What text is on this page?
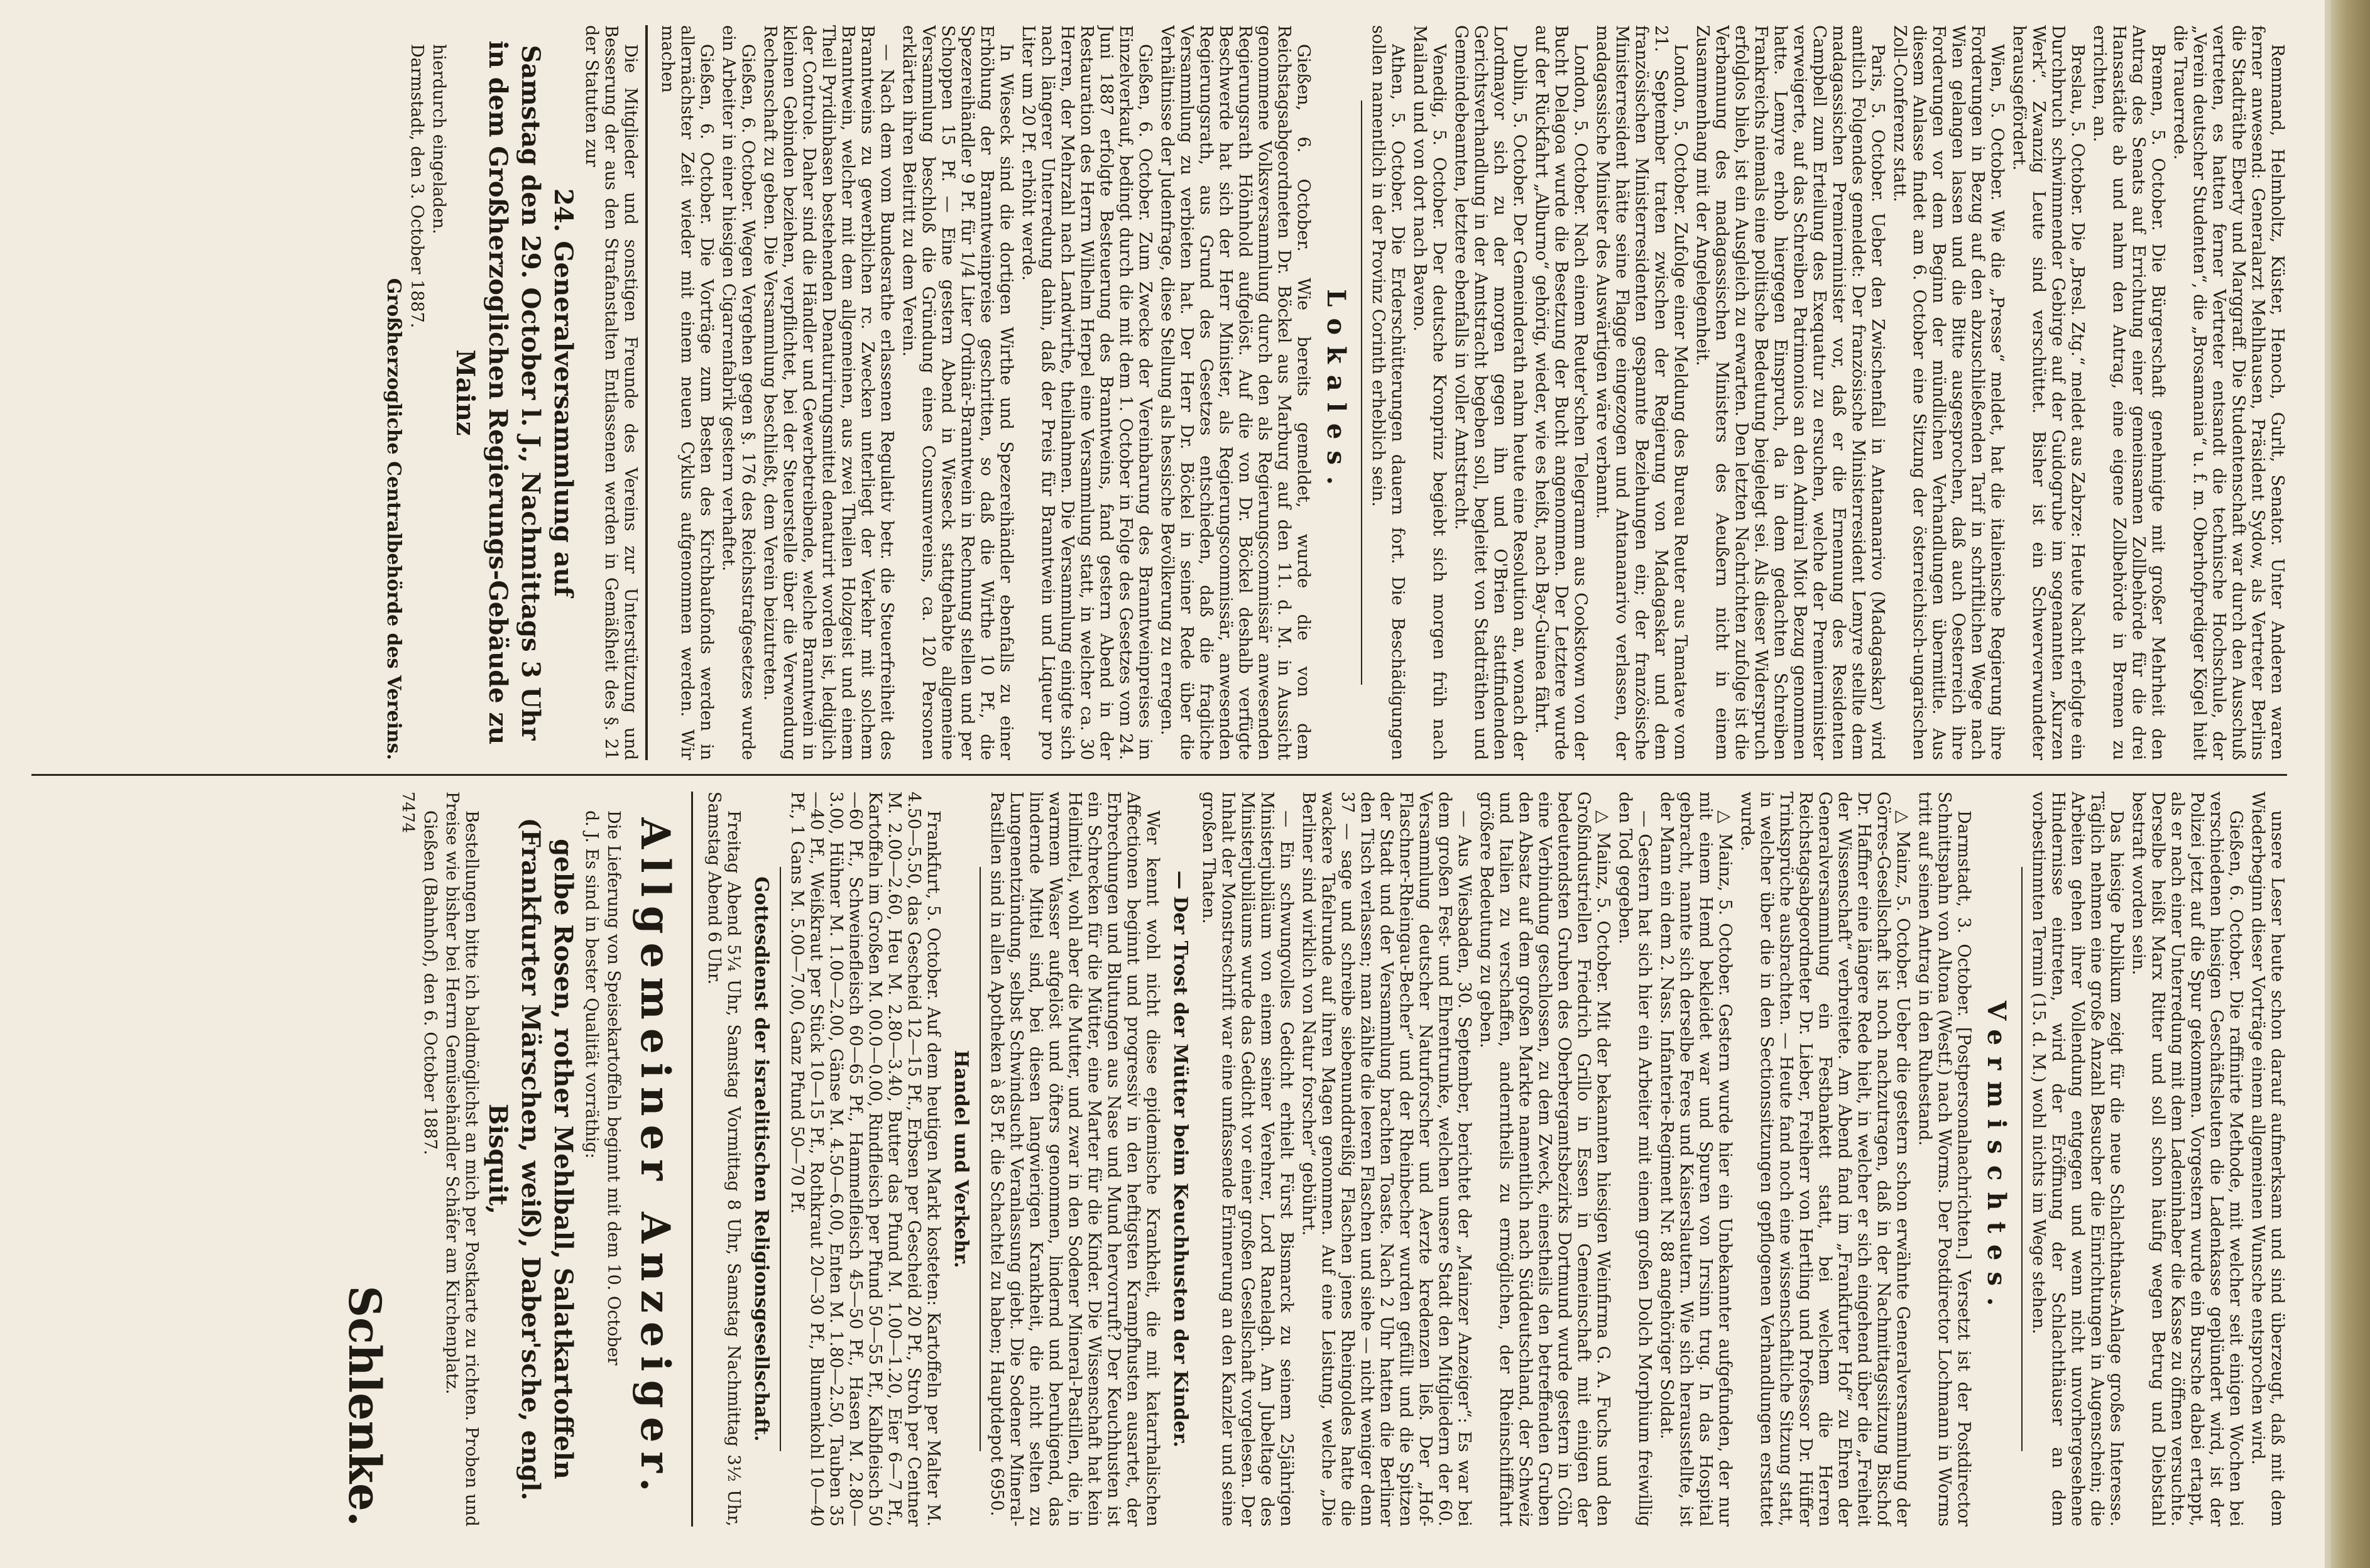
Remmand, Helmholtz, Küster, Henoch, Gurlt, Senator. Unter Anderen waren ferner anwesend: Generalarzt Mehlhausen, Präsident Sydow, als Vertreter Berlins die Stadträthe Eberty und Marggraff. Die Studentenschaft war durch den Ausschuß vertreten, es hatten ferner Vertreter entsandt die technische Hochschule, der „Verein deutscher Studenten“, die „Brosamania“ u. f. m. Oberhofprediger Kögel hielt die Trauerrede.

Bremen, 5. October. Die Bürgerschaft genehmigte mit großer Mehrheit den Antrag des Senats auf Errichtung einer gemeinsamen Zollbehörde für die drei Hansastädte ab und nahm den Antrag, eine eigene Zollbehörde in Bremen zu errichten, an.

Breslau, 5. October. Die „Bresl. Ztg.“ meldet aus Zabrze: Heute Nacht erfolgte ein Durchbruch schwimmender Gebirge auf der Guidogrube im sogenannten „Kurzen Werk“. Zwanzig Leute sind verschüttet. Bisher ist ein Schwerverwundeter herausgefördert.

Wien, 5. October. Wie die „Presse“ meldet, hat die italienische Regierung ihre Forderungen in Bezug auf den abzuschließenden Tarif in schriftlichen Wege nach Wien gelangen lassen und die Bitte ausgesprochen, daß auch Oesterreich ihre Forderungen vor dem Beginn der mündlichen Verhandlungen übermittle. Aus diesem Anlasse findet am 6. October eine Sitzung der österreichisch-ungarischen Zoll-Conferenz statt.

Paris, 5. October. Ueber den Zwischenfall in Antananarivo (Madagaskar) wird amtlich Folgendes gemeldet: Der französische Ministerresident Lemyre stellte dem madagassischen Premierminister vor, daß er die Ernennung des Residenten Campbell zum Erteilung des Exequatur zu ersuchen, welche der Premierminister verweigerte, auf das Schreiben Patrimonios an den Admiral Miot Bezug genommen hatte. Lemyre erhob hiergegen Einspruch, da in dem gedachten Schreiben Frankreichs niemals eine politische Bedeutung beigelegt sei. Als dieser Widerspruch erfolglos blieb, ist ein Ausgleich zu erwarten. Den letzten Nachrichten zufolge ist die Verbannung des madagassischen Ministers des Aeußern nicht in einem Zusammenhang mit der Angelegenheit.

London, 5. October. Zufolge einer Meldung des Bureau Reuter aus Tamatave vom 21. September traten zwischen der Regierung von Madagaskar und dem französischen Ministerresidenten gespannte Beziehungen ein; der französische Ministerresident hätte seine Flagge eingezogen und Antananarivo verlassen, der madagassische Minister des Auswärtigen wäre verbannt.

London, 5. October. Nach einem Reuter'schen Telegramm aus Cookstown von der Bucht Delagoa wurde die Besetzung der Bucht angenommen. Der Letztere wurde auf der Rückfahrt „Alburno“ gehörig, wieder, wie es heißt, nach Bay-Guinea fährt.

Dublin, 5. October. Der Gemeinderath nahm heute eine Resolution an, wonach der Lordmayor sich zu der morgen gegen ihn und O'Brien stattfindenden Gerichtsverhandlung in der Amtstracht begeben soll, begleitet von Stadträthen und Gemeindebeamten, letztere ebenfalls in voller Amtstracht.

Venedig, 5. October. Der deutsche Kronprinz begiebt sich morgen früh nach Mailand und von dort nach Baveno.

Athen, 5. October. Die Erderschütterungen dauern fort. Die Beschädigungen sollen namentlich in der Provinz Corinth erheblich sein.

Lokales.

Gießen, 6. October. Wie bereits gemeldet, wurde die von dem Reichstagsabgeordneten Dr. Böckel aus Marburg auf den 11. d. M. in Aussicht genommene Volksversammlung durch den als Regierungscommissär anwesenden Regierungsrath Höhnhold aufgelöst. Auf die von Dr. Böckel deshalb verfügte Beschwerde hat sich der Herr Minister, als Regierungscommissär, anwesenden Regierungsrath, aus Grund des Gesetzes entschieden, daß die fragliche Versammlung zu verbieten hat. Der Herr Dr. Böckel in seiner Rede über die Verhältnisse der Judenfrage, diese Stellung als hessische Bevölkerung zu erregen.

Gießen, 6. October. Zum Zwecke der Vereinbarung des Branntweinpreises im Einzelverkauf, bedingt durch die mit dem 1. October in Folge des Gesetzes vom 24. Juni 1887 erfolgte Besteuerung des Branntweins, fand gestern Abend in der Restauration des Herrn Wilhelm Herpel eine Versammlung statt, in welcher ca. 30 Herren, der Mehrzahl nach Landwirthe, theilnahmen. Die Versammlung einigte sich nach längerer Unterredung dahin, daß der Preis für Branntwein und Liqueur pro Liter um 20 Pf. erhöht werde.

In Wieseck sind die dortigen Wirthe und Spezereihändler ebenfalls zu einer Erhöhung der Branntweinpreise geschritten, so daß die Wirthe 10 Pf., die Spezereihändler 9 Pf. für 1/4 Liter Ordinär-Branntwein in Rechnung stellen und per Schoppen 15 Pf. — Eine gestern Abend in Wieseck stattgehabte allgemeine Versammlung beschloß die Gründung eines Consumvereins, ca. 120 Personen erklärten ihren Beitritt zu dem Verein.

— Nach dem vom Bundesrathe erlassenen Regulativ betr. die Steuerfreiheit des Branntweins zu gewerblichen rc. Zwecken unterliegt der Verkehr mit solchem Branntwein, welcher mit dem allgemeinen, aus zwei Theilen Holzgeist und einem Theil Pyridinbasen bestehenden Denaturirungsmittel denaturirt worden ist, lediglich der Controle. Daher sind die Händler und Gewerbetreibende, welche Branntwein in kleinen Gebinden beziehen, verpflichtet, bei der Steuerstelle über die Verwendung Rechenschaft zu geben. Die Versammlung beschließt, dem Verein beizutreten.

Gießen, 6. October. Wegen Vergehen gegen §. 176 des Reichsstrafgesetzes wurde ein Arbeiter in einer hiesigen Cigarrenfabrik gestern verhaftet.

Gießen, 6. October. Die Vorträge zum Besten des Kirchbaufonds werden in allernächster Zeit wieder mit einem neuen Cyklus aufgenommen werden. Wir machen

Die Mitglieder und sonstigen Freunde des Vereins zur Unterstützung und Besserung der aus den Strafanstalten Entlassenen werden in Gemäßheit des §. 21 der Statuten zur

24. Generalversammlung auf
Samstag den 29. October l. J., Nachmittags 3 Uhr
in dem Großherzoglichen Regierungs-Gebäude zu Mainz

hierdurch eingeladen.

Darmstadt, den 3. October 1887.

Großherzogliche Centralbehörde des Vereins.

unsere Leser heute schon darauf aufmerksam und sind überzeugt, daß mit dem Wiederbeginn dieser Vorträge einem allgemeinen Wunsche entsprochen wird.

Gießen, 6. October. Die raffinirte Methode, mit welcher seit einigen Wochen bei verschiedenen hiesigen Geschäftsleuten die Ladenkasse geplündert wird, ist der Polizei jetzt auf die Spur gekommen. Vorgestern wurde ein Bursche dabei ertappt, als er nach einer Unterredung mit dem Ladeninhaber die Kasse zu öffnen versuchte. Derselbe heißt Marx Ritter und soll schon häufig wegen Betrug und Diebstahl bestraft worden sein.

Das hiesige Publikum zeigt für die neue Schlachthaus-Anlage großes Interesse. Täglich nehmen eine große Anzahl Besucher die Einrichtungen in Augenschein; die Arbeiten gehen ihrer Vollendung entgegen und wenn nicht unvorhergesehene Hindernisse eintreten, wird der Eröffnung der Schlachthäuser an dem vorbestimmten Termin (15. d. M.) wohl nichts im Wege stehen.

Vermischtes.

Darmstadt, 3. October. [Postpersonalnachrichten.] Versetzt ist der Postdirector Schnittspahn von Altona (Westf.) nach Worms. Der Postdirector Lochmann in Worms tritt auf seinen Antrag in den Ruhestand.

△ Mainz, 5. October. Ueber die gestern schon erwähnte Generalversammlung der Görres-Gesellschaft ist noch nachzutragen, daß in der Nachmittagssitzung Bischof Dr. Haffner eine längere Rede hielt, in welcher er sich eingehend über die „Freiheit der Wissenschaft“ verbreitete. Am Abend fand im „Frankfurter Hof“ zu Ehren der Generalversammlung ein Festbankett statt, bei welchem die Herren Reichstagsabgeordneter Dr. Lieber, Freiherr von Hertling und Professor Dr. Hüffer Trinksprüche ausbrachten. — Heute fand noch eine wissenschaftliche Sitzung statt, in welcher über die in den Sectionssitzungen gepflogenen Verhandlungen erstattet wurde.

△ Mainz, 5. October. Gestern wurde hier ein Unbekannter aufgefunden, der nur mit einem Hemd bekleidet war und Spuren von Irrsinn trug. In das Hospital gebracht, nannte sich derselbe Feres und Kaiserslautern. Wie sich herausstellte, ist der Mann ein dem 2. Nass. Infanterie-Regiment Nr. 88 angehöriger Soldat.

— Gestern hat sich hier ein Arbeiter mit einem großen Dolch Morphium freiwillig den Tod gegeben.

△ Mainz, 5. October. Mit der bekannten hiesigen Weinfirma G. A. Fuchs und den Großindustriellen Friedrich Grillo in Essen in Gemeinschaft mit einigen der bedeutendsten Gruben des Oberbergamtsbezirks Dortmund wurde gestern in Cöln eine Verbindung geschlossen, zu dem Zweck, einestheils den betreffenden Gruben den Absatz auf dem großen Markte namentlich nach Süddeutschland, der Schweiz und Italien zu verschaffen, anderntheils zu ermöglichen, der Rheinschifffahrt größere Bedeutung zu geben.

— Aus Wiesbaden, 30. September, berichtet der „Mainzer Anzeiger“: Es war bei dem großen Fest- und Ehrentrunke, welchen unsere Stadt den Mitgliedern der 60. Versammlung deutscher Naturforscher und Aerzte kredenzen ließ. Der „Hof-Flaschner-Rheingau-Becher“ und der Rheinbecher wurden gefüllt und die Spitzen der Stadt und der Versammlung brachten Toaste. Nach 2 Uhr hatten die Berliner den Tisch verlassen; man zählte die leeren Flaschen und siehe — nicht weniger denn 37 — sage und schreibe siebenunddreißig Flaschen jenes Rheingoldes hatte die wackere Tafelrunde auf ihren Magen genommen. Auf eine Leistung, welche „Die Berliner sind wirklich von Natur forscher“ gebührt.

— Ein schwungvolles Gedicht erhielt Fürst Bismarck zu seinem 25jährigen Ministerjubiläum von einem seiner Verehrer, Lord Ranelagh. Am Jubeltage des Ministerjubiläums wurde das Gedicht vor einer großen Gesellschaft vorgelesen. Der Inhalt der Monstreschrift war eine umfassende Erinnerung an den Kanzler und seine großen Thaten.

— Der Trost der Mütter beim Keuchhusten der Kinder.

Wer kennt wohl nicht diese epidemische Krankheit, die mit katarrhalischen Affectionen beginnt und progressiv in den heftigsten Krampfhusten ausartet, der Erbrechungen und Blutungen aus Nase und Mund hervorruft? Der Keuchhusten ist ein Schrecken für die Mütter, eine Marter für die Kinder. Die Wissenschaft hat kein Heilmittel, wohl aber die Mutter, und zwar in den Sodener Mineral-Pastillen, die, in warmem Wasser aufgelöst und öfters genommen, lindernd und beruhigend, das lindernde Mittel sind, bei diesen langwierigen Krankheit, die nicht selten zu Lungenentzündung, selbst Schwindsucht Veranlassung giebt. Die Sodener Mineral-Pastillen sind in allen Apotheken à 85 Pf. die Schachtel zu haben; Hauptdepot 6950.

Handel und Verkehr.

Frankfurt, 5. October. Auf dem heutigen Markt kosteten: Kartoffeln per Malter M. 4.50—5.50, das Gescheid 12—15 Pf., Erbsen per Gescheid 20 Pf., Stroh per Centner M. 2.00—2.60, Heu M. 2.80—3.40, Butter das Pfund M. 1.00—1.20, Eier 6—7 Pf., Kartoffeln im Großen M. 00.0—0.00, Rindfleisch per Pfund 50—55 Pf., Kalbfleisch 50—60 Pf., Schweinefleisch 60—65 Pf., Hammelfleisch 45—50 Pf., Hasen M. 2.80—3.00, Hühner M. 1.00—2.00, Gänse M. 4.50—6.00, Enten M. 1.80—2.50, Tauben 35—40 Pf., Weißkraut per Stück 10—15 Pf., Rothkraut 20—30 Pf., Blumenkohl 10—40 Pf., 1 Gans M. 5.00—7.00, Ganz Pfund 50—70 Pf.

Gottesdienst der israelitischen Religionsgesellschaft.

Freitag Abend 5¼ Uhr, Samstag Vormittag 8 Uhr, Samstag Nachmittag 3½ Uhr, Samstag Abend 6 Uhr.

Allgemeiner Anzeiger.

Die Lieferung von Speisekartoffeln beginnt mit dem 10. October

d. J. Es sind in bester Qualität vorräthig:

gelbe Rosen, rother Mehlball, Salatkartoffeln (Frankfurter Märschen, weiß), Daber'sche, engl. Bisquit,

Bestellungen bitte ich baldmöglichst an mich per Postkarte zu richten. Proben und Preise wie bisher bei Herrn Gemüsehändler Schäfer am Kirchenplatz.

Gießen (Bahnhof), den 6. October 1887.

7474
Schlenke.
